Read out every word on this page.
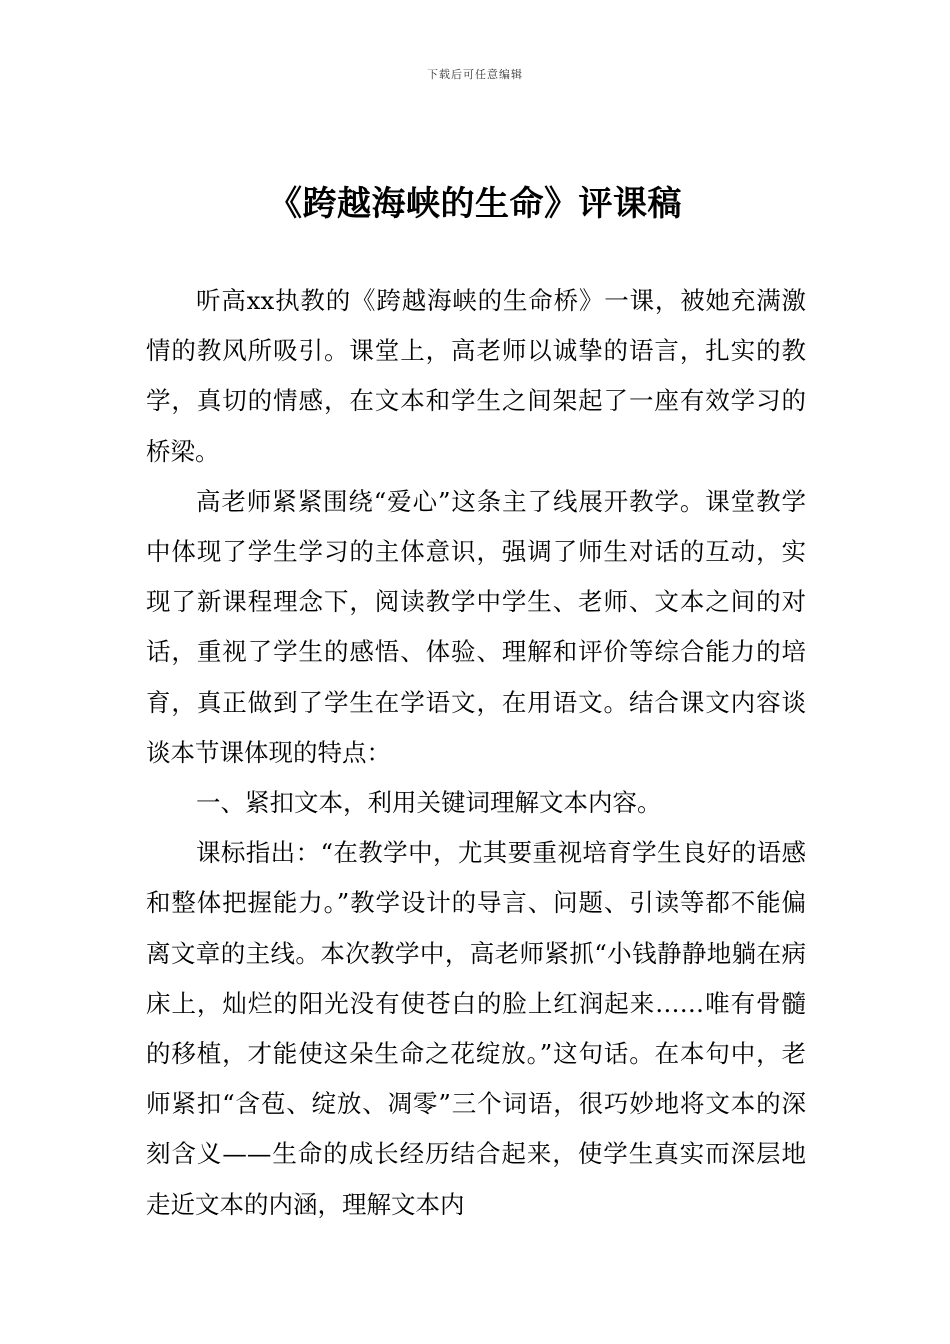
下载后可任意编辑
《跨越海峡的生命》评课稿

听高xx执教的《跨越海峡的生命桥》一课，被她充满激情的教风所吸引。课堂上，高老师以诚挚的语言，扎实的教学，真切的情感，在文本和学生之间架起了一座有效学习的桥梁。

高老师紧紧围绕“爱心”这条主了线展开教学。课堂教学中体现了学生学习的主体意识，强调了师生对话的互动，实现了新课程理念下，阅读教学中学生、老师、文本之间的对话，重视了学生的感悟、体验、理解和评价等综合能力的培育，真正做到了学生在学语文，在用语文。结合课文内容谈谈本节课体现的特点：

一、紧扣文本，利用关键词理解文本内容。

课标指出：“在教学中，尤其要重视培育学生良好的语感和整体把握能力。”教学设计的导言、问题、引读等都不能偏离文章的主线。本次教学中，高老师紧抓“小钱静静地躺在病床上，灿烂的阳光没有使苍白的脸上红润起来……唯有骨髓的移植，才能使这朵生命之花绽放。”这句话。在本句中，老师紧扣“含苞、绽放、凋零”三个词语，很巧妙地将文本的深刻含义——生命的成长经历结合起来，使学生真实而深层地走近文本的内涵，理解文本内
